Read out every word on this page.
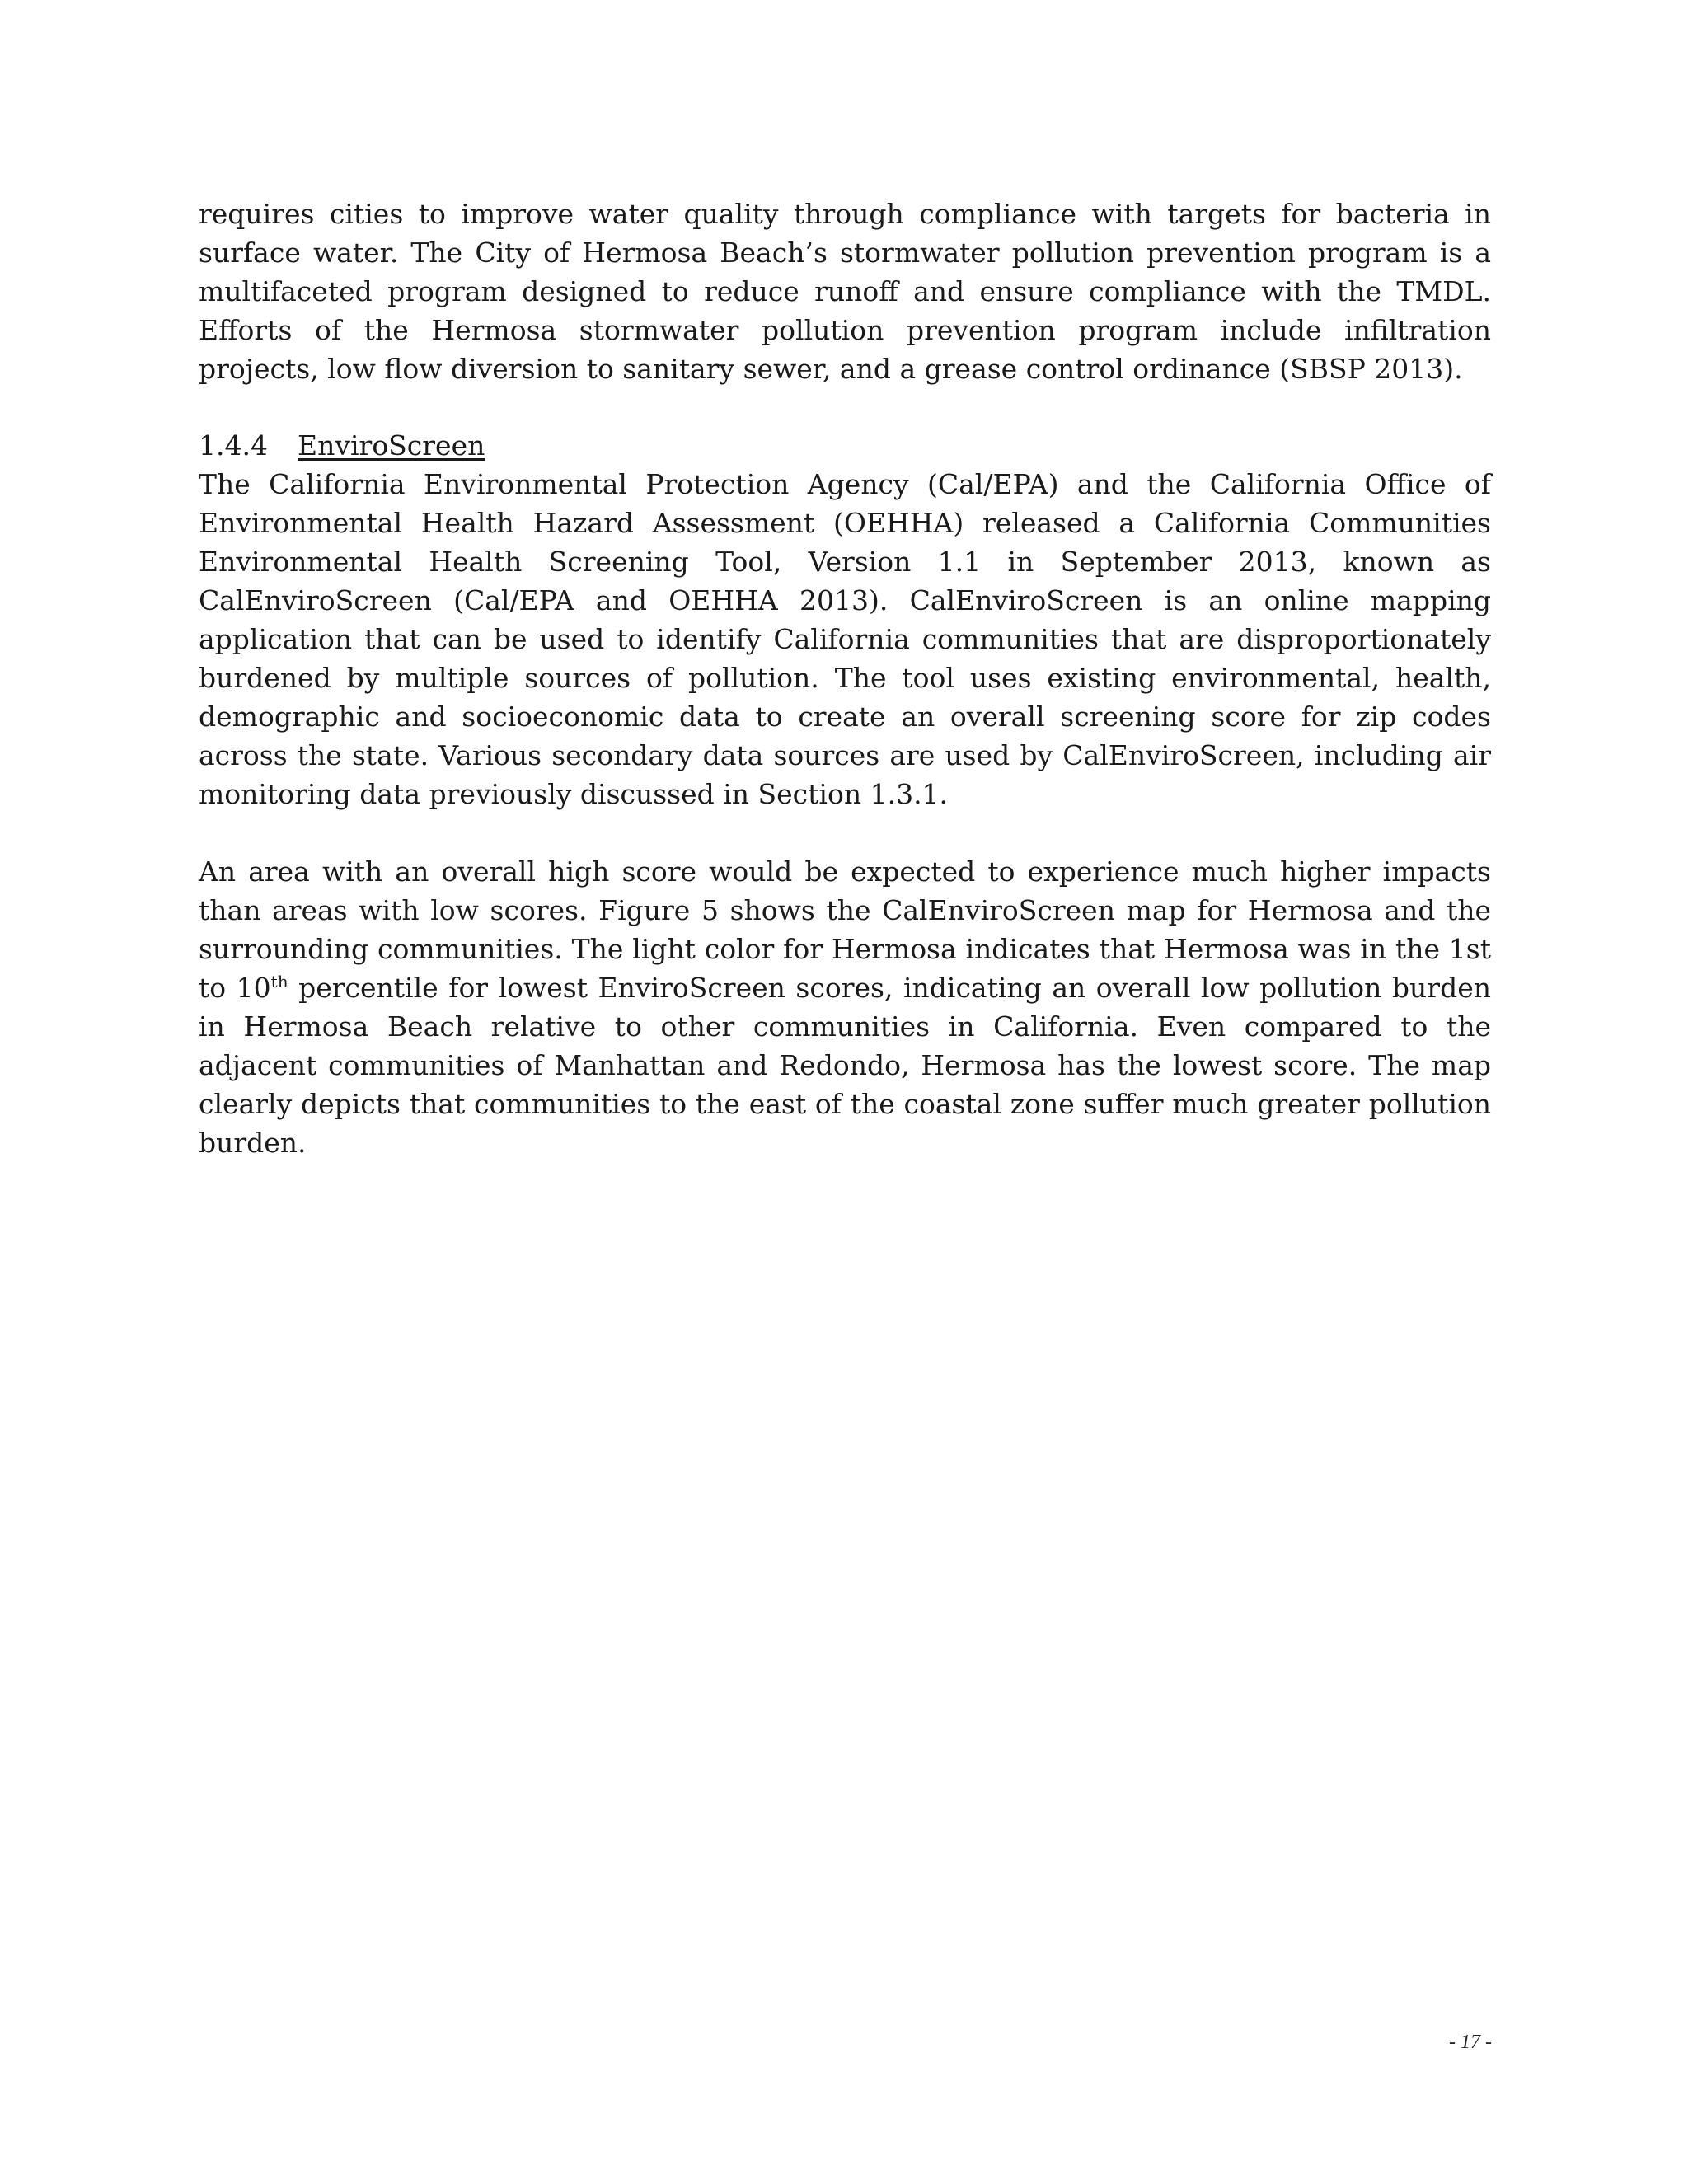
requires cities to improve water quality through compliance with targets for bacteria in surface water. The City of Hermosa Beach’s stormwater pollution prevention program is a multifaceted program designed to reduce runoff and ensure compliance with the TMDL. Efforts of the Hermosa stormwater pollution prevention program include infiltration projects, low flow diversion to sanitary sewer, and a grease control ordinance (SBSP 2013).

1.4.4	EnviroScreen

The California Environmental Protection Agency (Cal/EPA) and the California Office of Environmental Health Hazard Assessment (OEHHA) released a California Communities Environmental Health Screening Tool, Version 1.1 in September 2013, known as CalEnviroScreen (Cal/EPA and OEHHA 2013). CalEnviroScreen is an online mapping application that can be used to identify California communities that are disproportionately burdened by multiple sources of pollution. The tool uses existing environmental, health, demographic and socioeconomic data to create an overall screening score for zip codes across the state. Various secondary data sources are used by CalEnviroScreen, including air monitoring data previously discussed in Section 1.3.1.

An area with an overall high score would be expected to experience much higher impacts than areas with low scores. Figure 5 shows the CalEnviroScreen map for Hermosa and the surrounding communities. The light color for Hermosa indicates that Hermosa was in the 1st to 10th percentile for lowest EnviroScreen scores, indicating an overall low pollution burden in Hermosa Beach relative to other communities in California. Even compared to the adjacent communities of Manhattan and Redondo, Hermosa has the lowest score. The map clearly depicts that communities to the east of the coastal zone suffer much greater pollution burden.

- 17 -
